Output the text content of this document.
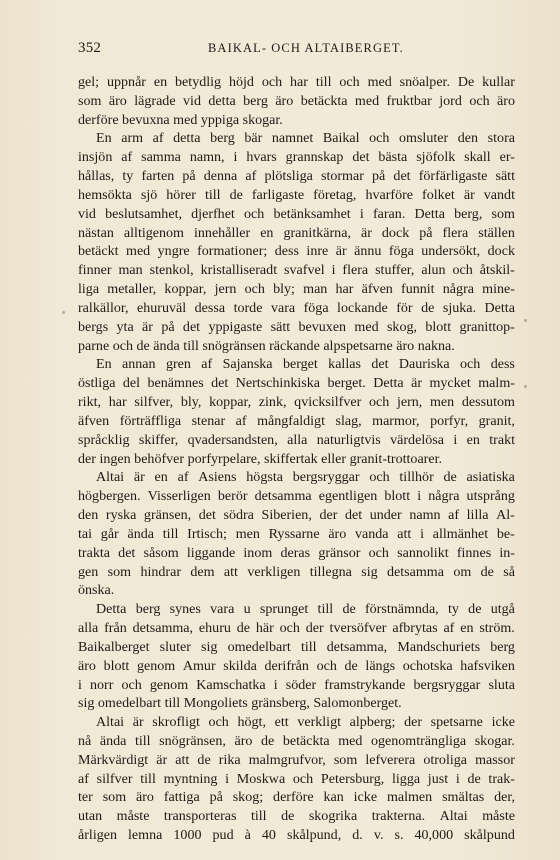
352	BAIKAL- OCH ALTAIBERGET.
gel; uppnår en betydlig höjd och har till och med snöalper. De kullar
som äro lägrade vid detta berg äro betäckta med fruktbar jord och äro
derföre bevuxna med yppiga skogar.
En arm af detta berg bär namnet Baikal och omsluter den stora
insjön af samma namn, i hvars grannskap det bästa sjöfolk skall er-
hållas, ty farten på denna af plötsliga stormar på det förfärligaste sätt
hemsökta sjö hörer till de farligaste företag, hvarföre folket är vandt
vid beslutsamhet, djerfhet och betänksamhet i faran. Detta berg, som
nästan alltigenom innehåller en granitkärna, är dock på flera ställen
betäckt med yngre formationer; dess inre är ännu föga undersökt, dock
finner man stenkol, kristalliseradt svafvel i flera stuffer, alun och åtskil-
liga metaller, koppar, jern och bly; man har äfven funnit några mine-
ralkällor, ehuruväl dessa torde vara föga lockande för de sjuka. Detta
bergs yta är på det yppigaste sätt bevuxen med skog, blott granittop-
parne och de ända till snögränsen räckande alpspetsarne äro nakna.
En annan gren af Sajanska berget kallas det Dauriska och dess
östliga del benämnes det Nertschinkiska berget. Detta är mycket malm-
rikt, har silfver, bly, koppar, zink, qvicksilfver och jern, men dessutom
äfven förträffliga stenar af mångfaldigt slag, marmor, porfyr, granit,
språcklig skiffer, qvadersandsten, alla naturligtvis värdelösa i en trakt
der ingen behöfver porfyrpelare, skiffertak eller granit-trottoarer.
Altai är en af Asiens högsta bergsryggar och tillhör de asiatiska
högbergen. Visserligen berör detsamma egentligen blott i några utsprång
den ryska gränsen, det södra Siberien, der det under namn af lilla Al-
tai går ända till Irtisch; men Ryssarne äro vanda att i allmänhet be-
trakta det såsom liggande inom deras gränsor och sannolikt finnes in-
gen som hindrar dem att verkligen tillegna sig detsamma om de så
önska.
Detta berg synes vara u sprunget till de förstnämnda, ty de utgå
alla från detsamma, ehuru de här och der tversöfver afbrytas af en ström.
Baikalberget sluter sig omedelbart till detsamma, Mandschuriets berg
äro blott genom Amur skilda derifrån och de längs ochotska hafsviken
i norr och genom Kamschatka i söder framstrykande bergsryggar sluta
sig omedelbart till Mongoliets gränsberg, Salomonberget.
Altai är skrofligt och högt, ett verkligt alpberg; der spetsarne icke
nå ända till snögränsen, äro de betäckta med ogenomträngliga skogar.
Märkvärdigt är att de rika malmgrufvor, som lefverera otroliga massor
af silfver till myntning i Moskwa och Petersburg, ligga just i de trak-
ter som äro fattiga på skog; derföre kan icke malmen smältas der,
utan måste transporteras till de skogrika trakterna. Altai måste
årligen lemna 1000 pud à 40 skålpund, d. v. s. 40,000 skålpund
